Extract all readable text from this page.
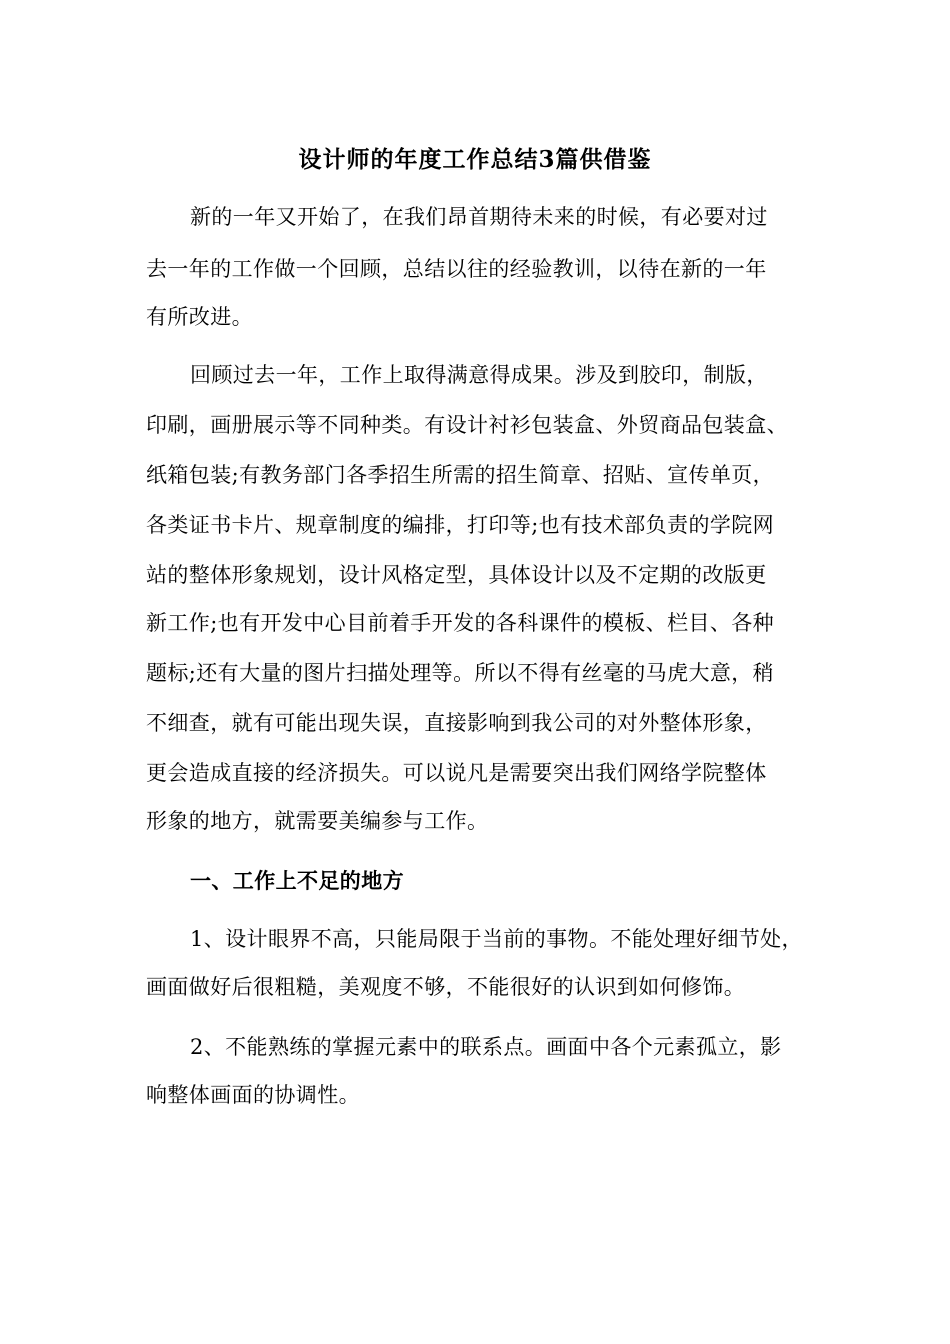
设计师的年度工作总结3篇供借鉴
新的一年又开始了，在我们昂首期待未来的时候，有必要对过
去一年的工作做一个回顾，总结以往的经验教训，以待在新的一年
有所改进。
回顾过去一年，工作上取得满意得成果。涉及到胶印，制版，
印刷，画册展示等不同种类。有设计衬衫包装盒、外贸商品包装盒、
纸箱包装;有教务部门各季招生所需的招生简章、招贴、宣传单页，
各类证书卡片、规章制度的编排，打印等;也有技术部负责的学院网
站的整体形象规划，设计风格定型，具体设计以及不定期的改版更
新工作;也有开发中心目前着手开发的各科课件的模板、栏目、各种
题标;还有大量的图片扫描处理等。所以不得有丝毫的马虎大意，稍
不细查，就有可能出现失误，直接影响到我公司的对外整体形象，
更会造成直接的经济损失。可以说凡是需要突出我们网络学院整体
形象的地方，就需要美编参与工作。
一、工作上不足的地方
1、设计眼界不高，只能局限于当前的事物。不能处理好细节处，
画面做好后很粗糙，美观度不够，不能很好的认识到如何修饰。
2、不能熟练的掌握元素中的联系点。画面中各个元素孤立，影
响整体画面的协调性。
